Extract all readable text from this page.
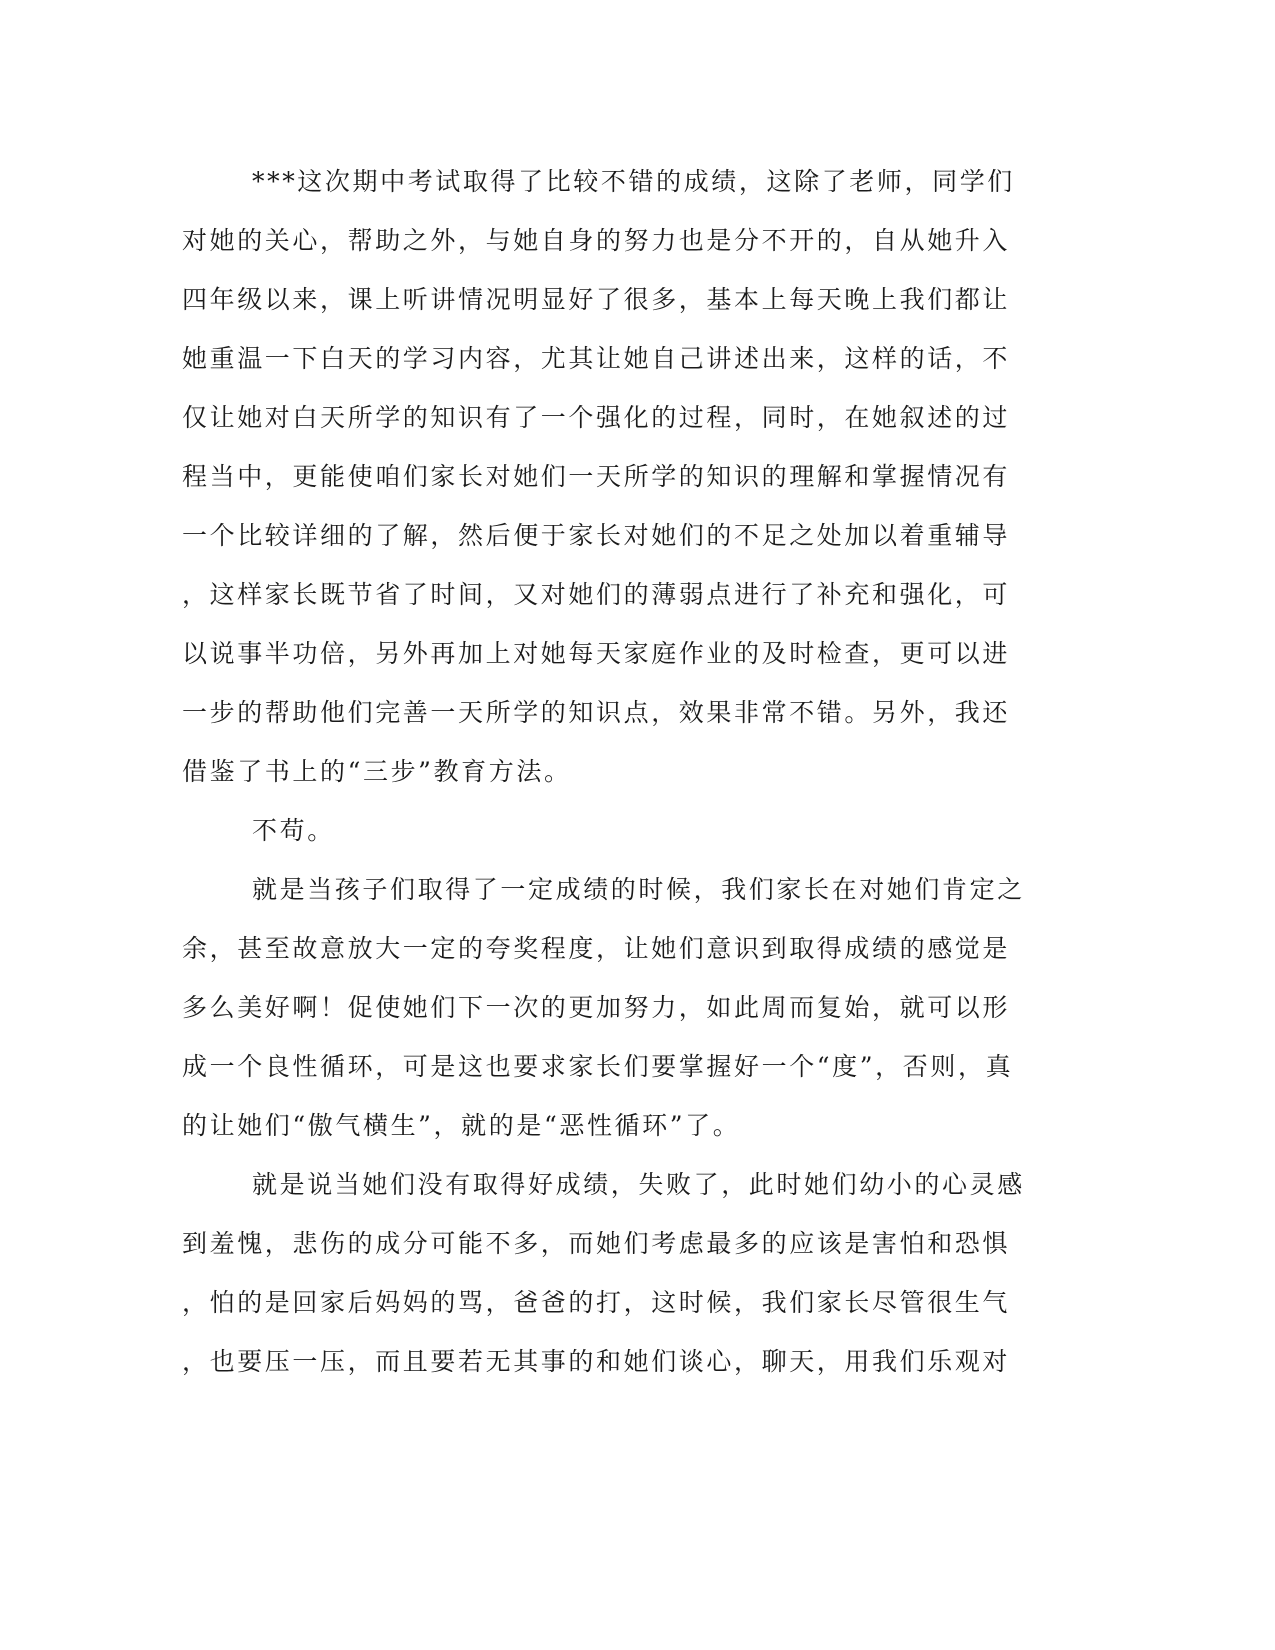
***这次期中考试取得了比较不错的成绩，这除了老师，同学们
对她的关心，帮助之外，与她自身的努力也是分不开的，自从她升入
四年级以来，课上听讲情况明显好了很多，基本上每天晚上我们都让
她重温一下白天的学习内容，尤其让她自己讲述出来，这样的话，不
仅让她对白天所学的知识有了一个强化的过程，同时，在她叙述的过
程当中，更能使咱们家长对她们一天所学的知识的理解和掌握情况有
一个比较详细的了解，然后便于家长对她们的不足之处加以着重辅导
，这样家长既节省了时间，又对她们的薄弱点进行了补充和强化，可
以说事半功倍，另外再加上对她每天家庭作业的及时检查，更可以进
一步的帮助他们完善一天所学的知识点，效果非常不错。另外，我还
借鉴了书上的“三步”教育方法。
不苟。
就是当孩子们取得了一定成绩的时候，我们家长在对她们肯定之
余，甚至故意放大一定的夸奖程度，让她们意识到取得成绩的感觉是
多么美好啊！促使她们下一次的更加努力，如此周而复始，就可以形
成一个良性循环，可是这也要求家长们要掌握好一个“度”，否则，真
的让她们“傲气横生”，就的是“恶性循环”了。
就是说当她们没有取得好成绩，失败了，此时她们幼小的心灵感
到羞愧，悲伤的成分可能不多，而她们考虑最多的应该是害怕和恐惧
，怕的是回家后妈妈的骂，爸爸的打，这时候，我们家长尽管很生气
，也要压一压，而且要若无其事的和她们谈心，聊天，用我们乐观对
